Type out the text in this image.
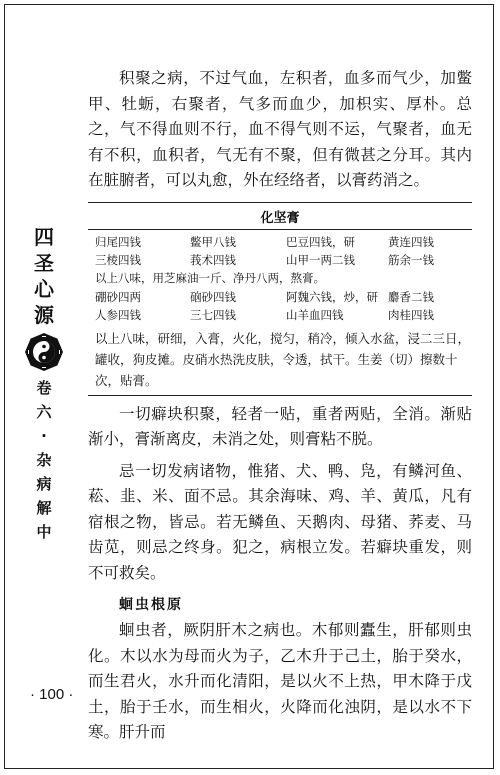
四
圣
心
源
卷
六
·
杂
病
解
中
· 100 ·

积聚之病，不过气血，左积者，血多而气少，加鳖甲、牡蛎，右聚者，气多而血少，加枳实、厚朴。总之，气不得血则不行，血不得气则不运，气聚者，血无有不积，血积者，气无有不聚，但有微甚之分耳。其内在脏腑者，可以丸愈，外在经络者，以膏药消之。

化坚膏
归尾四钱	鳖甲八钱	巴豆四钱，研	黄连四钱
三棱四钱	莪术四钱	山甲一两二钱	筋余一钱

以上八味，用芝麻油一斤、净丹八两，熬膏。

硼砂四两	硇砂四钱	阿魏六钱，炒，研 麝香二钱
人参四钱	三七四钱	山羊血四钱	肉桂四钱

以上八味，研细，入膏，火化，搅匀，稍冷，倾入水盆，浸二三日，罐收，狗皮摊。皮硝水热洗皮肤，令透，拭干。生姜（切）擦数十次，贴膏。

一切癖块积聚，轻者一贴，重者两贴，全消。渐贴渐小，膏渐离皮，未消之处，则膏粘不脱。

忌一切发病诸物，惟猪、犬、鸭、凫，有鳞河鱼、菘、韭、米、面不忌。其余海味、鸡、羊、黄瓜，凡有宿根之物，皆忌。若无鳞鱼、天鹅肉、母猪、荞麦、马齿苋，则忌之终身。犯之，病根立发。若癖块重发，则不可救矣。

蛔虫根原

蛔虫者，厥阴肝木之病也。木郁则蠹生，肝郁则虫化。木以水为母而火为子，乙木升于己土，胎于癸水，而生君火，水升而化清阳，是以火不上热，甲木降于戊土，胎于壬水，而生相火，火降而化浊阴，是以水不下寒。肝升而
